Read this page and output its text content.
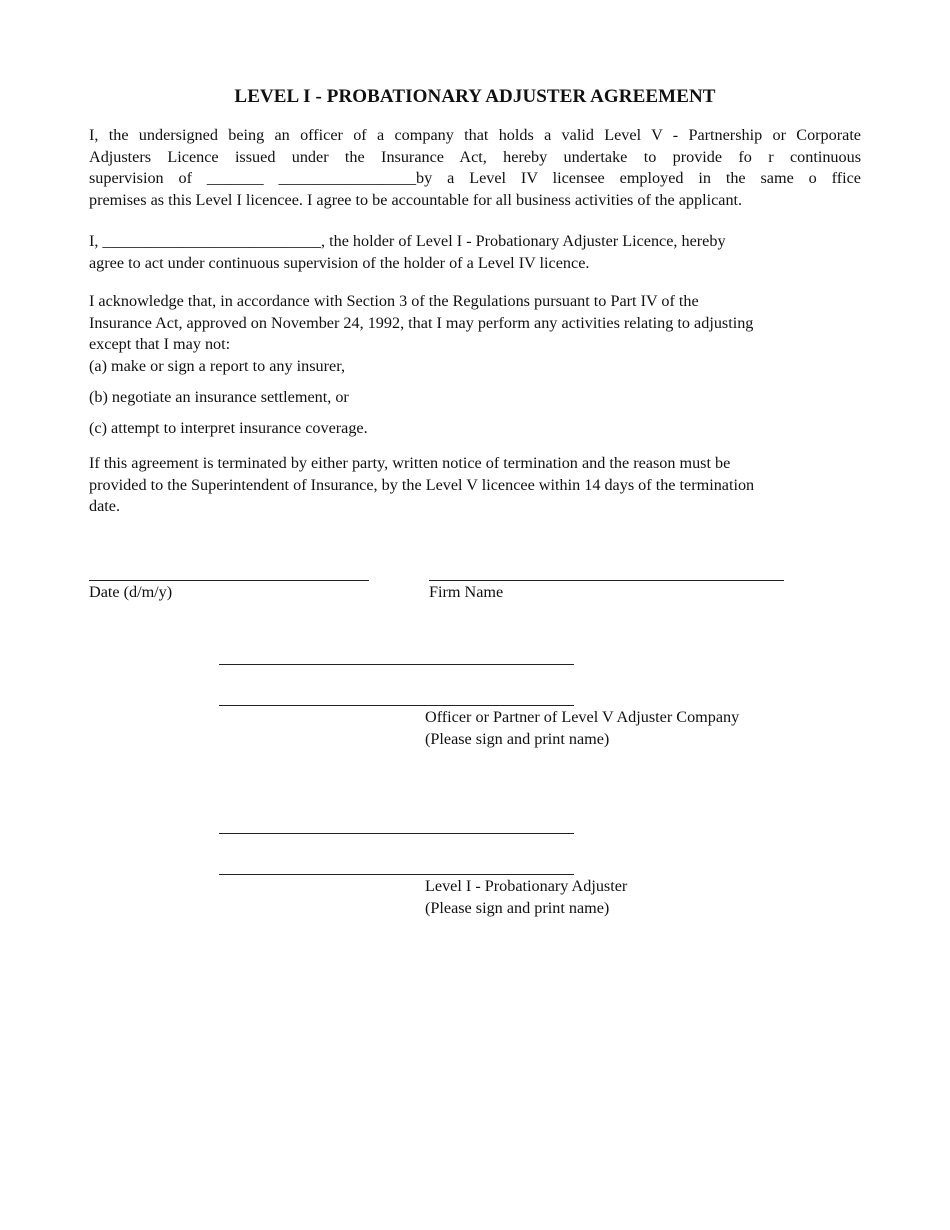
LEVEL I - PROBATIONARY ADJUSTER AGREEMENT
I, the undersigned being an officer of a company that holds a valid Level V - Partnership or Corporate
Adjusters Licence issued under the Insurance Act, hereby undertake to provide fo r continuous
supervision of _______ _________________by a Level IV licensee employed in the same o ffice
premises as this Level I licencee. I agree to be accountable for all business activities of the applicant.
I, ___________________________, the holder of Level I - Probationary Adjuster Licence, hereby
agree to act under continuous supervision of the holder of a Level IV licence.
I acknowledge that, in accordance with Section 3 of the Regulations pursuant to Part IV of the
Insurance Act, approved on November 24, 1992, that I may perform any activities relating to adjusting
except that I may not:
(a) make or sign a report to any insurer,
(b) negotiate an insurance settlement, or
(c) attempt to interpret insurance coverage.
If this agreement is terminated by either party, written notice of termination and the reason must be
provided to the Superintendent of Insurance, by the Level V licencee within 14 days of the termination
date.
Date (d/m/y)	Firm Name
Officer or Partner of Level V Adjuster Company
(Please sign and print name)
Level I - Probationary Adjuster
(Please sign and print name)
